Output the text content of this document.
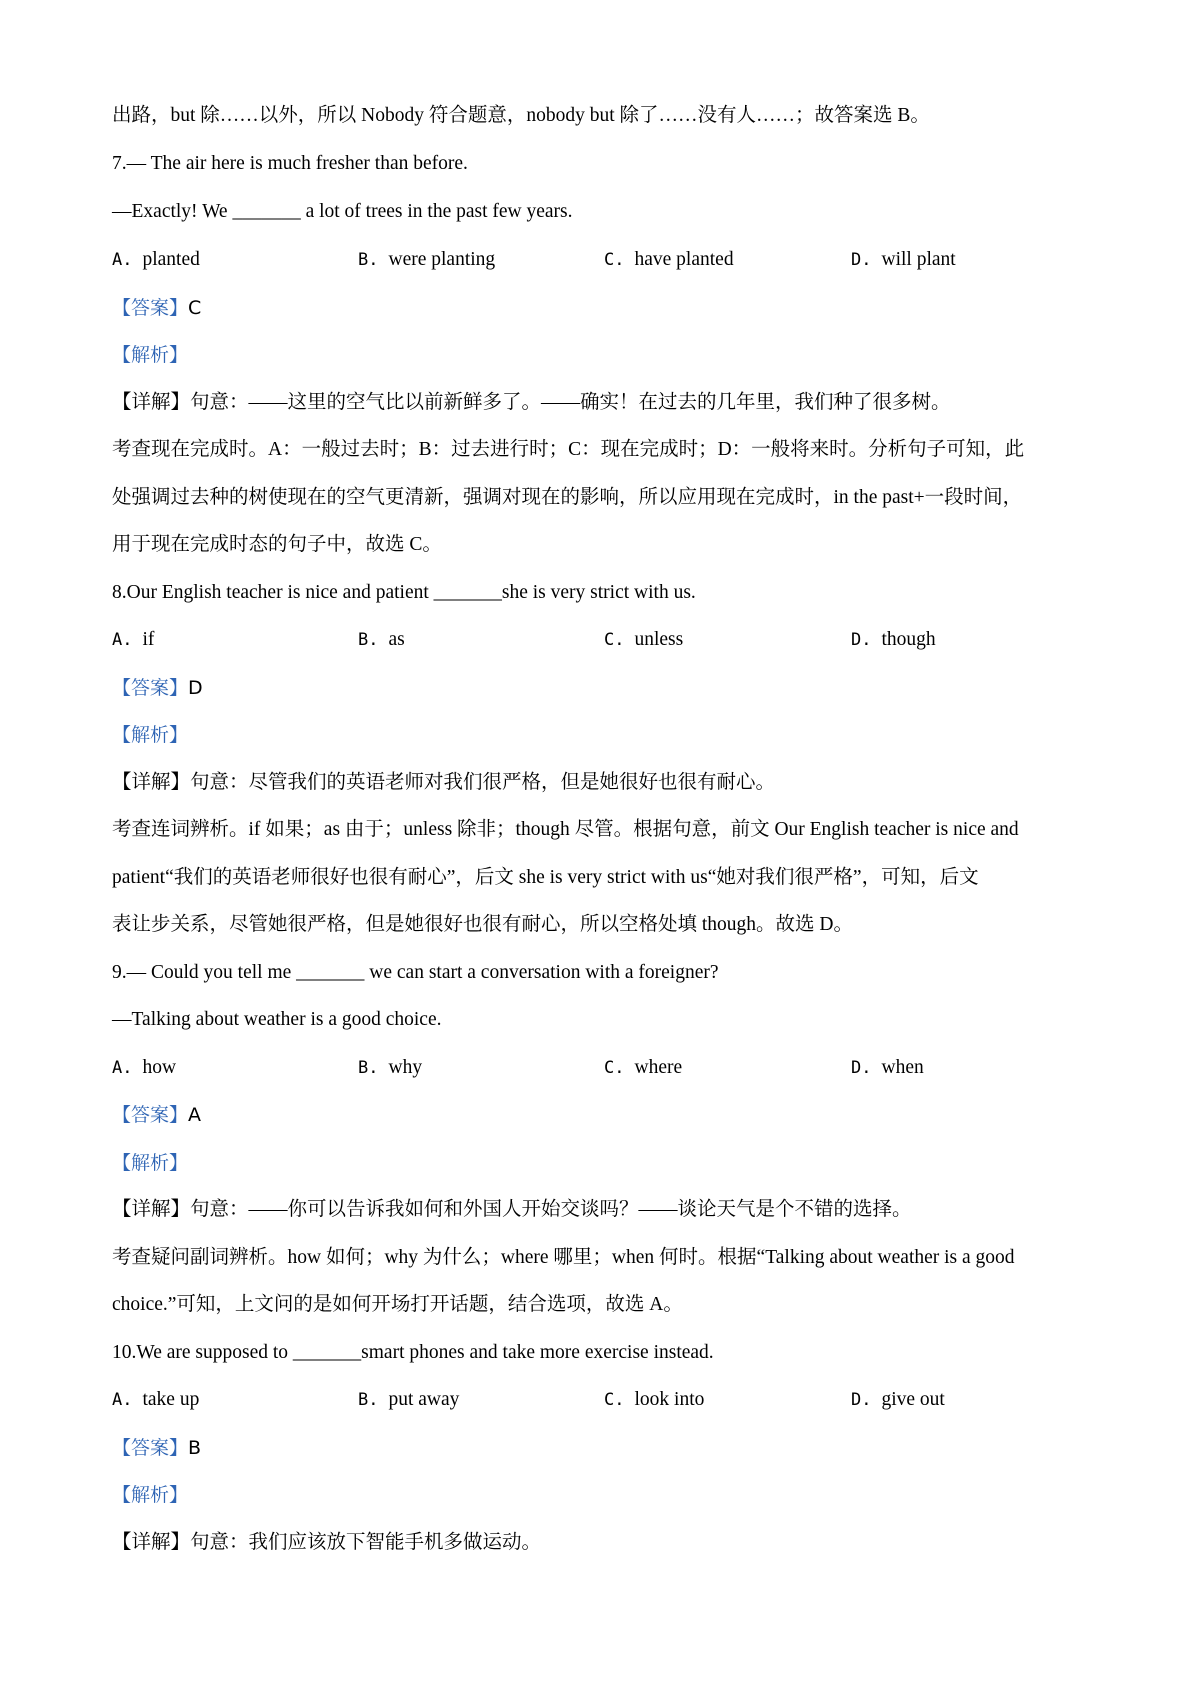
出路，but 除……以外，所以 Nobody 符合题意，nobody but 除了……没有人……；故答案选 B。
7.— The air here is much fresher than before.
—Exactly! We _______ a lot of trees in the past few years.
A. planted	B. were planting	C. have planted	D. will plant
【答案】C
【解析】
【详解】句意：——这里的空气比以前新鲜多了。——确实！在过去的几年里，我们种了很多树。
考查现在完成时。A：一般过去时；B：过去进行时；C：现在完成时；D：一般将来时。分析句子可知，此
处强调过去种的树使现在的空气更清新，强调对现在的影响，所以应用现在完成时，in the past+一段时间，
用于现在完成时态的句子中，故选 C。
8.Our English teacher is nice and patient _______she is very strict with us.
A. if	B. as	C. unless	D. though
【答案】D
【解析】
【详解】句意：尽管我们的英语老师对我们很严格，但是她很好也很有耐心。
考查连词辨析。if 如果；as 由于；unless 除非；though 尽管。根据句意，前文 Our English teacher is nice and
patient“我们的英语老师很好也很有耐心”，后文 she is very strict with us“她对我们很严格”，可知，后文
表让步关系，尽管她很严格，但是她很好也很有耐心，所以空格处填 though。故选 D。
9.— Could you tell me _______ we can start a conversation with a foreigner?
—Talking about weather is a good choice.
A. how	B. why	C. where	D. when
【答案】A
【解析】
【详解】句意：——你可以告诉我如何和外国人开始交谈吗？——谈论天气是个不错的选择。
考查疑问副词辨析。how 如何；why 为什么；where 哪里；when 何时。根据“Talking about weather is a good
choice.”可知，上文问的是如何开场打开话题，结合选项，故选 A。
10.We are supposed to _______smart phones and take more exercise instead.
A. take up	B. put away	C. look into	D. give out
【答案】B
【解析】
【详解】句意：我们应该放下智能手机多做运动。
